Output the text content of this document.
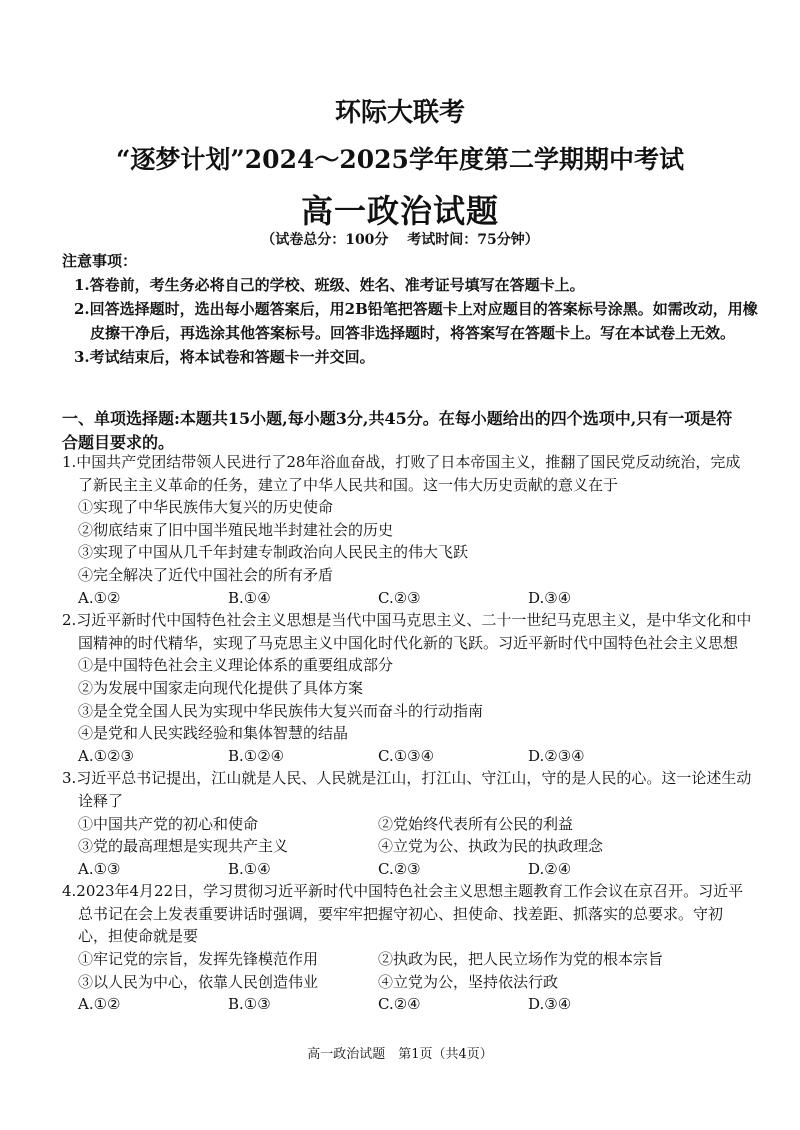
环际大联考
“逐梦计划”2024～2025学年度第二学期期中考试
高一政治试题
（试卷总分：100分　 考试时间：75分钟）
注意事项：
1.答卷前，考生务必将自己的学校、班级、姓名、准考证号填写在答题卡上。
2.回答选择题时，选出每小题答案后，用2B铅笔把答题卡上对应题目的答案标号涂黑。如需改动，用橡皮擦干净后，再选涂其他答案标号。回答非选择题时，将答案写在答题卡上。写在本试卷上无效。
3.考试结束后，将本试卷和答题卡一并交回。
一、单项选择题:本题共15小题,每小题3分,共45分。在每小题给出的四个选项中,只有一项是符合题目要求的。
1.中国共产党团结带领人民进行了28年浴血奋战，打败了日本帝国主义，推翻了国民党反动统治，完成了新民主主义革命的任务，建立了中华人民共和国。这一伟大历史贡献的意义在于
①实现了中华民族伟大复兴的历史使命
②彻底结束了旧中国半殖民地半封建社会的历史
③实现了中国从几千年封建专制政治向人民民主的伟大飞跃
④完全解决了近代中国社会的所有矛盾
A.①②	B.①④	C.②③	D.③④
2.习近平新时代中国特色社会主义思想是当代中国马克思主义、二十一世纪马克思主义，是中华文化和中国精神的时代精华，实现了马克思主义中国化时代化新的飞跃。习近平新时代中国特色社会主义思想
①是中国特色社会主义理论体系的重要组成部分
②为发展中国家走向现代化提供了具体方案
③是全党全国人民为实现中华民族伟大复兴而奋斗的行动指南
④是党和人民实践经验和集体智慧的结晶
A.①②③	B.①②④	C.①③④	D.②③④
3.习近平总书记提出，江山就是人民、人民就是江山，打江山、守江山，守的是人民的心。这一论述生动诠释了
①中国共产党的初心和使命	②党始终代表所有公民的利益
③党的最高理想是实现共产主义	④立党为公、执政为民的执政理念
A.①③	B.①④	C.②③	D.②④
4.2023年4月22日，学习贯彻习近平新时代中国特色社会主义思想主题教育工作会议在京召开。习近平总书记在会上发表重要讲话时强调，要牢牢把握守初心、担使命、找差距、抓落实的总要求。守初心，担使命就是要
①牢记党的宗旨，发挥先锋模范作用	②执政为民，把人民立场作为党的根本宗旨
③以人民为中心，依靠人民创造伟业	④立党为公，坚持依法行政
A.①②	B.①③	C.②④	D.③④
高一政治试题　第1页（共4页）
